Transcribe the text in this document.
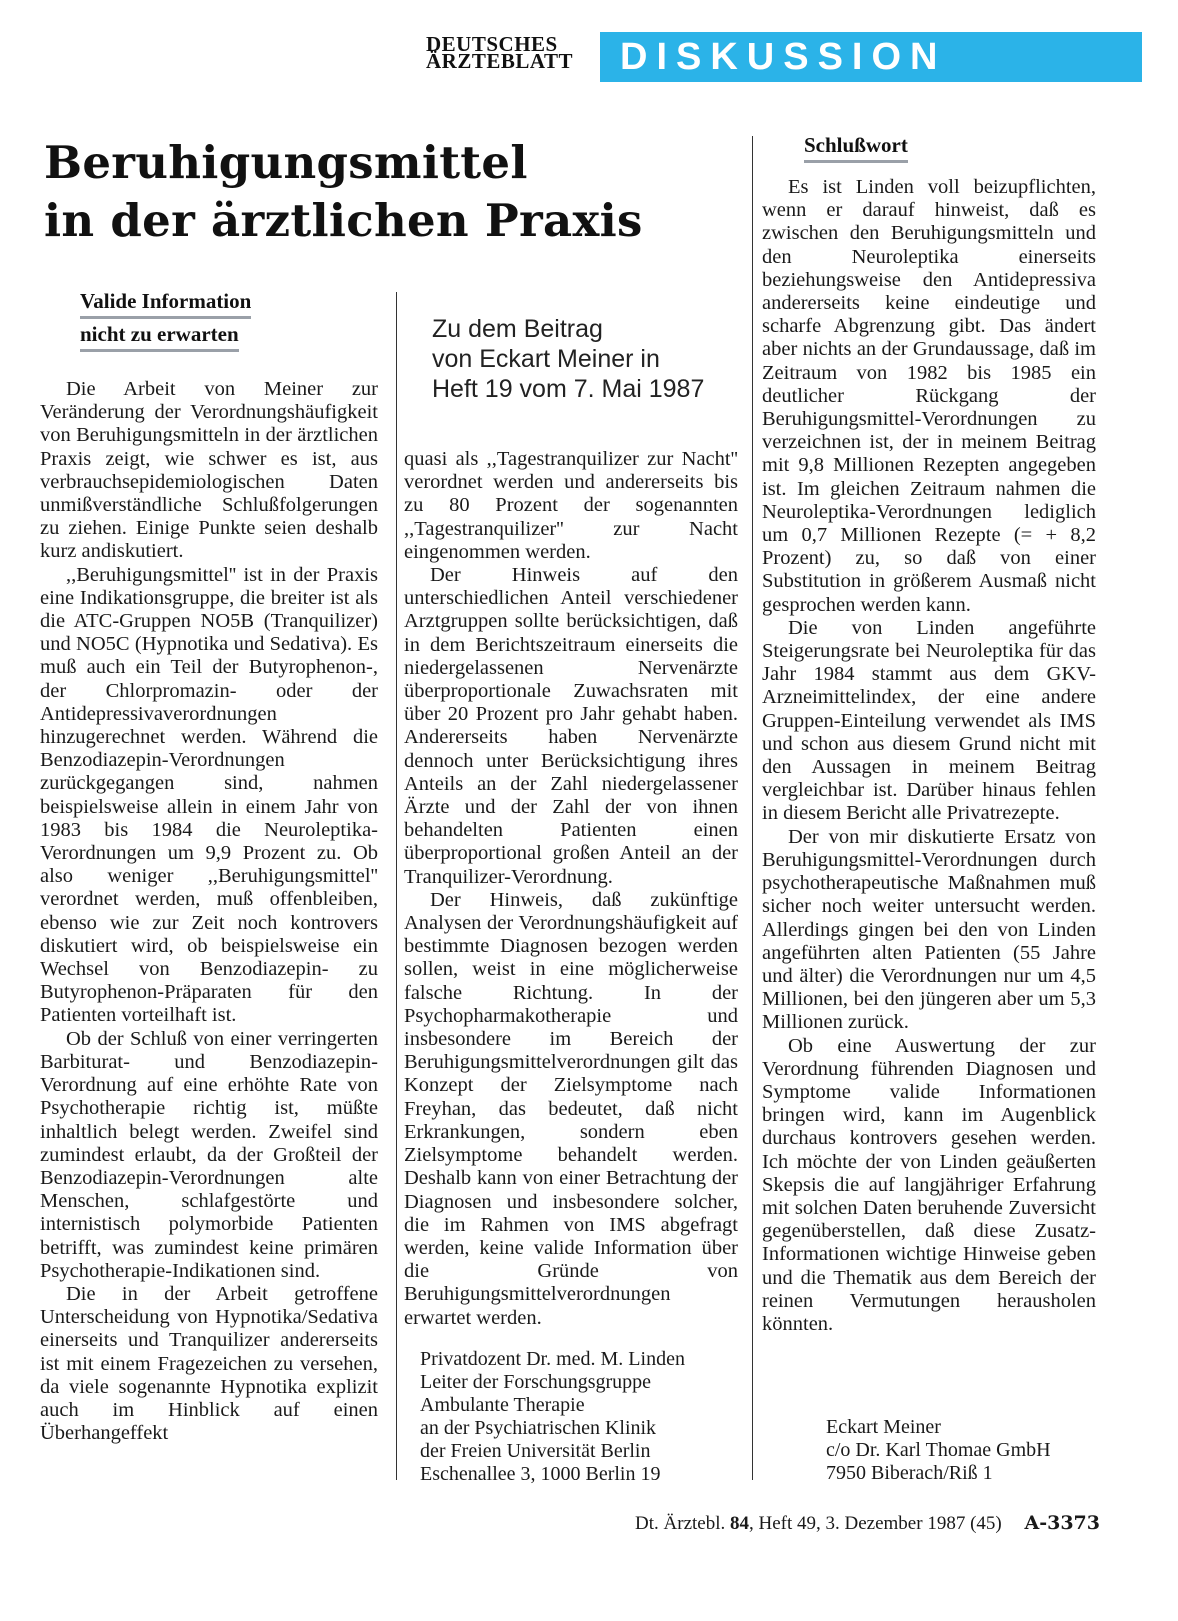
DEUTSCHES
ÄRZTEBLATT	DISKUSSION
Beruhigungsmittel
in der ärztlichen Praxis
Valide Information
nicht zu erwarten
Schlußwort
Zu dem Beitrag
von Eckart Meiner in
Heft 19 vom 7. Mai 1987

Die Arbeit von Meiner zur Veränderung der Verordnungshäufigkeit von Beruhigungsmitteln in der ärztlichen Praxis zeigt, wie schwer es ist, aus verbrauchsepidemiologischen Daten unmißverständliche Schlußfolgerungen zu ziehen. Einige Punkte seien deshalb kurz andiskutiert.

,,Beruhigungsmittel'' ist in der Praxis eine Indikationsgruppe, die breiter ist als die ATC-Gruppen NO5B (Tranquilizer) und NO5C (Hypnotika und Sedativa). Es muß auch ein Teil der Butyrophenon-, der Chlorpromazin- oder der Antidepressivaverordnungen hinzugerechnet werden. Während die Benzodiazepin-Verordnungen zurückgegangen sind, nahmen beispielsweise allein in einem Jahr von 1983 bis 1984 die Neuroleptika-Verordnungen um 9,9 Prozent zu. Ob also weniger ,,Beruhigungsmittel'' verordnet werden, muß offenbleiben, ebenso wie zur Zeit noch kontrovers diskutiert wird, ob beispielsweise ein Wechsel von Benzodiazepin- zu Butyrophenon-Präparaten für den Patienten vorteilhaft ist.

Ob der Schluß von einer verringerten Barbiturat- und Benzodiazepin-Verordnung auf eine erhöhte Rate von Psychotherapie richtig ist, müßte inhaltlich belegt werden. Zweifel sind zumindest erlaubt, da der Großteil der Benzodiazepin-Verordnungen alte Menschen, schlafgestörte und internistisch polymorbide Patienten betrifft, was zumindest keine primären Psychotherapie-Indikationen sind.

Die in der Arbeit getroffene Unterscheidung von Hypnotika/Sedativa einerseits und Tranquilizer andererseits ist mit einem Fragezeichen zu versehen, da viele sogenannte Hypnotika explizit auch im Hinblick auf einen Überhangeffekt

quasi als ,,Tagestranquilizer zur Nacht'' verordnet werden und andererseits bis zu 80 Prozent der sogenannten ,,Tagestranquilizer'' zur Nacht eingenommen werden.

Der Hinweis auf den unterschiedlichen Anteil verschiedener Arztgruppen sollte berücksichtigen, daß in dem Berichtszeitraum einerseits die niedergelassenen Nervenärzte überproportionale Zuwachsraten mit über 20 Prozent pro Jahr gehabt haben. Andererseits haben Nervenärzte dennoch unter Berücksichtigung ihres Anteils an der Zahl niedergelassener Ärzte und der Zahl der von ihnen behandelten Patienten einen überproportional großen Anteil an der Tranquilizer-Verordnung.

Der Hinweis, daß zukünftige Analysen der Verordnungshäufigkeit auf bestimmte Diagnosen bezogen werden sollen, weist in eine möglicherweise falsche Richtung. In der Psychopharmakotherapie und insbesondere im Bereich der Beruhigungsmittelverordnungen gilt das Konzept der Zielsymptome nach Freyhan, das bedeutet, daß nicht Erkrankungen, sondern eben Zielsymptome behandelt werden. Deshalb kann von einer Betrachtung der Diagnosen und insbesondere solcher, die im Rahmen von IMS abgefragt werden, keine valide Information über die Gründe von Beruhigungsmittelverordnungen erwartet werden.

Privatdozent Dr. med. M. Linden
Leiter der Forschungsgruppe
Ambulante Therapie
an der Psychiatrischen Klinik
der Freien Universität Berlin
Eschenallee 3, 1000 Berlin 19

Es ist Linden voll beizupflichten, wenn er darauf hinweist, daß es zwischen den Beruhigungsmitteln und den Neuroleptika einerseits beziehungsweise den Antidepressiva andererseits keine eindeutige und scharfe Abgrenzung gibt. Das ändert aber nichts an der Grundaussage, daß im Zeitraum von 1982 bis 1985 ein deutlicher Rückgang der Beruhigungsmittel-Verordnungen zu verzeichnen ist, der in meinem Beitrag mit 9,8 Millionen Rezepten angegeben ist. Im gleichen Zeitraum nahmen die Neuroleptika-Verordnungen lediglich um 0,7 Millionen Rezepte (= + 8,2 Prozent) zu, so daß von einer Substitution in größerem Ausmaß nicht gesprochen werden kann.

Die von Linden angeführte Steigerungsrate bei Neuroleptika für das Jahr 1984 stammt aus dem GKV-Arzneimittelindex, der eine andere Gruppen-Einteilung verwendet als IMS und schon aus diesem Grund nicht mit den Aussagen in meinem Beitrag vergleichbar ist. Darüber hinaus fehlen in diesem Bericht alle Privatrezepte.

Der von mir diskutierte Ersatz von Beruhigungsmittel-Verordnungen durch psychotherapeutische Maßnahmen muß sicher noch weiter untersucht werden. Allerdings gingen bei den von Linden angeführten alten Patienten (55 Jahre und älter) die Verordnungen nur um 4,5 Millionen, bei den jüngeren aber um 5,3 Millionen zurück.

Ob eine Auswertung der zur Verordnung führenden Diagnosen und Symptome valide Informationen bringen wird, kann im Augenblick durchaus kontrovers gesehen werden. Ich möchte der von Linden geäußerten Skepsis die auf langjähriger Erfahrung mit solchen Daten beruhende Zuversicht gegenüberstellen, daß diese Zusatz-Informationen wichtige Hinweise geben und die Thematik aus dem Bereich der reinen Vermutungen herausholen könnten.

Eckart Meiner
c/o Dr. Karl Thomae GmbH
7950 Biberach/Riß 1
Dt. Ärztebl. 84, Heft 49, 3. Dezember 1987 (45) A-3373
